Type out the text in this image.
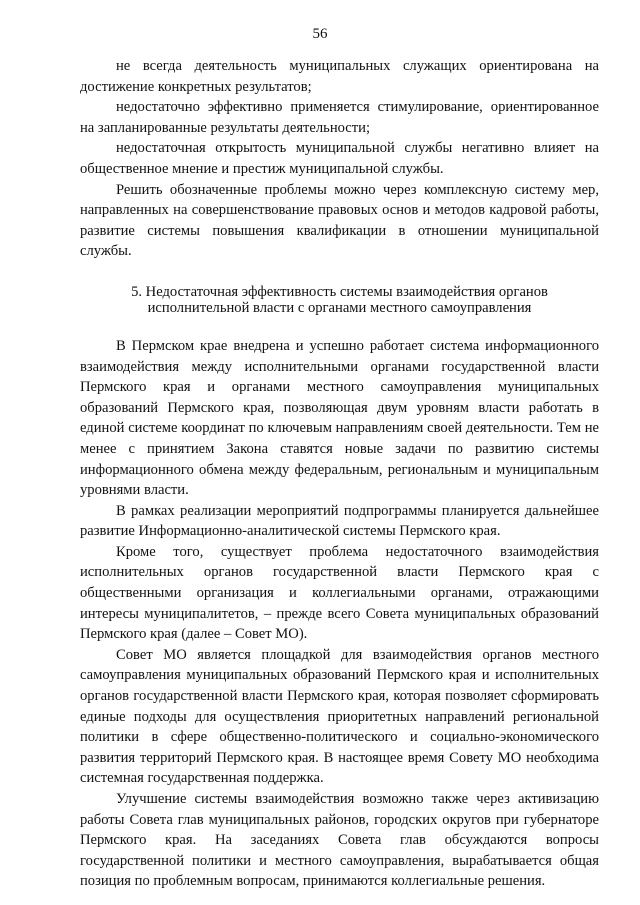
56

не всегда деятельность муниципальных служащих ориентирована на достижение конкретных результатов;

недостаточно эффективно применяется стимулирование, ориентированное на запланированные результаты деятельности;

недостаточная открытость муниципальной службы негативно влияет на общественное мнение и престиж муниципальной службы.

Решить обозначенные проблемы можно через комплексную систему мер, направленных на совершенствование правовых основ и методов кадровой работы, развитие системы повышения квалификации в отношении муниципальной службы.

5. Недостаточная эффективность системы взаимодействия органов
исполнительной власти с органами местного самоуправления

В Пермском крае внедрена и успешно работает система информационного взаимодействия между исполнительными органами государственной власти Пермского края и органами местного самоуправления муниципальных образований Пермского края, позволяющая двум уровням власти работать в единой системе координат по ключевым направлениям своей деятельности. Тем не менее с принятием Закона ставятся новые задачи по развитию системы информационного обмена между федеральным, региональным и муниципальным уровнями власти.

В рамках реализации мероприятий подпрограммы планируется дальнейшее развитие Информационно-аналитической системы Пермского края.

Кроме того, существует проблема недостаточного взаимодействия исполнительных органов государственной власти Пермского края с общественными организация и коллегиальными органами, отражающими интересы муниципалитетов, – прежде всего Совета муниципальных образований Пермского края (далее – Совет МО).

Совет МО является площадкой для взаимодействия органов местного самоуправления муниципальных образований Пермского края и исполнительных органов государственной власти Пермского края, которая позволяет сформировать единые подходы для осуществления приоритетных направлений региональной политики в сфере общественно-политического и социально-экономического развития территорий Пермского края. В настоящее время Совету МО необходима системная государственная поддержка.

Улучшение системы взаимодействия возможно также через активизацию работы Совета глав муниципальных районов, городских округов при губернаторе Пермского края. На заседаниях Совета глав обсуждаются вопросы государственной политики и местного самоуправления, вырабатывается общая позиция по проблемным вопросам, принимаются коллегиальные решения.
